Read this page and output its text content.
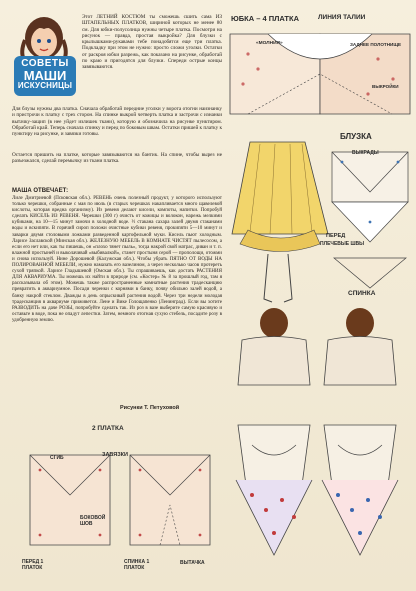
СОВЕТЫ
МАШИ
ИСКУСНИЦЫ
Этот ЛЕТНИЙ КОСТЮМ ты сможешь сшить сама ИЗ ШТАПЕЛЬНЫХ ПЛАТКОВ, шириной которых не менее 80 см. Для юбки-полусолнца нужны четыре платка. Посмотри на рисунок — правда, простая выкройка? Для блузки с крылышками-рукавами тебе понадобятся еще три платка. Подкладку при этом не нужно: просто сложи уголки. Остатки от раскроя юбки разрежь, как показано на рисунке, обработай по краю и пригодятся для блузки. Спереди острые концы завязываются.
Для блузы нужны два платка. Сначала обработай передние уголки у ворота отогни наизнанку и пристрочи к платку с трех сторон. На спинке выкрой четверть платка и застрочи с изнанки вытачку-защип (в нее уйдет излишек ткани), которую я обозначила на рисунке пунктиром. Обработай край. Теперь сначала спинку и перед по боковым швам. Остатки пришей к платку к пунктиру на рисунке, и завязки готовы.
Остается пришить на платке, которые завязываются на бантик. На спине, чтобы вырез не разъезжался, сделай перемычку из ткани платка.
МАША ОТВЕЧАЕТ:
Лиле Дмитриевой (Псковская обл.). РЕВЕНЬ очень полезный продукт, у которого используют только черешки, собранные с мая по июль (в старых черешках накапливается много щавелевой кислоты, которая вредна организму). Из ревеня делают кисели, компоты, напитки. Попробуй сделать КИСЕЛЬ ИЗ РЕВЕНЯ. Черешки (300 г) очисть от кожицы и волокон, нарежь мелкими кубиками, на 10—15 минут замочи в холодной воде. ½ стакана сахара залей двумя стаканами воды и вскипяти. В горячий сироп положи очистные кубики ревеня, прокипяти 5—10 минут и заварки двумя столовыми ложками разведенной картофельной муки. Кисель пьют холодным. Ларисе Заславской (Минская обл.). ЖЕЛЕЗНУЮ МЕБЕЛЬ В КОМНАТЕ ЧИСТЯТ пылесосом, а если его нет или, как ты пишешь, он «плохо тянет пыль», тогда накрой свой матрас, диван и т. п. влажной простыней и выколачивай «выбивалкой», станет простыня серой — прополощи, отожми и снова используй. Нине Дорошевой (Калужская обл.). Чтобы убрать ПЯТНО ОТ ВОДЫ НА ПОЛИРОВАННОЙ МЕБЕЛИ, нужно намазать его вазелином, а через несколько часов протереть сухой тряпкой. Ларисе Гладышевой (Омская обл.). Ты спрашиваешь, как достать РАСТЕНИЯ ДЛЯ АКВАРИУМА. Ты можешь их найти в природе (см. «Костер» № 8 за прошлый год, там я рассказывала об этом). Можешь также распространенные комнатные растения традесканцию превратить в аквариумное. Посади черенки с корнями в банку, почву обильно залей водой, а банку накрой стеклом. Дважды в день опрыскивай растения водой. Через три недели молодая традесканция в аквариуме приживется. Лене и Вике Голощапенко (Ленинград). Если вы хотите РАЗВОДИТЬ на даче РОЗЫ, попробуйте сделать так. Из роз в вазе выберите самую красивую и оставьте в воде, пока не опадут лепестки. Затем, немного отогнав сухую стебель, посадите розу в удобренную землю.
Рисунки Т. Петуховой
ЮБКА – 4 ПЛАТКА	ЛИНИЯ ТАЛИИ
«МОЛНИЯ»	ЗАДНЕЕ ПОЛОТНИЩЕ
ВЫКРОЙКИ
БЛУЗКА
ВЫКРАДЫ
ПЕРЕД
ПЛЕЧЕВЫЕ ШВЫ
СПИНКА
2 ПЛАТКА
СГИБ	ЗАВЯЗКИ
БОКОВОЙ ШОВ
ПЕРЕД 1 ПЛАТОК
СПИНКА 1 ПЛАТОК
ВЫТАЧКА
